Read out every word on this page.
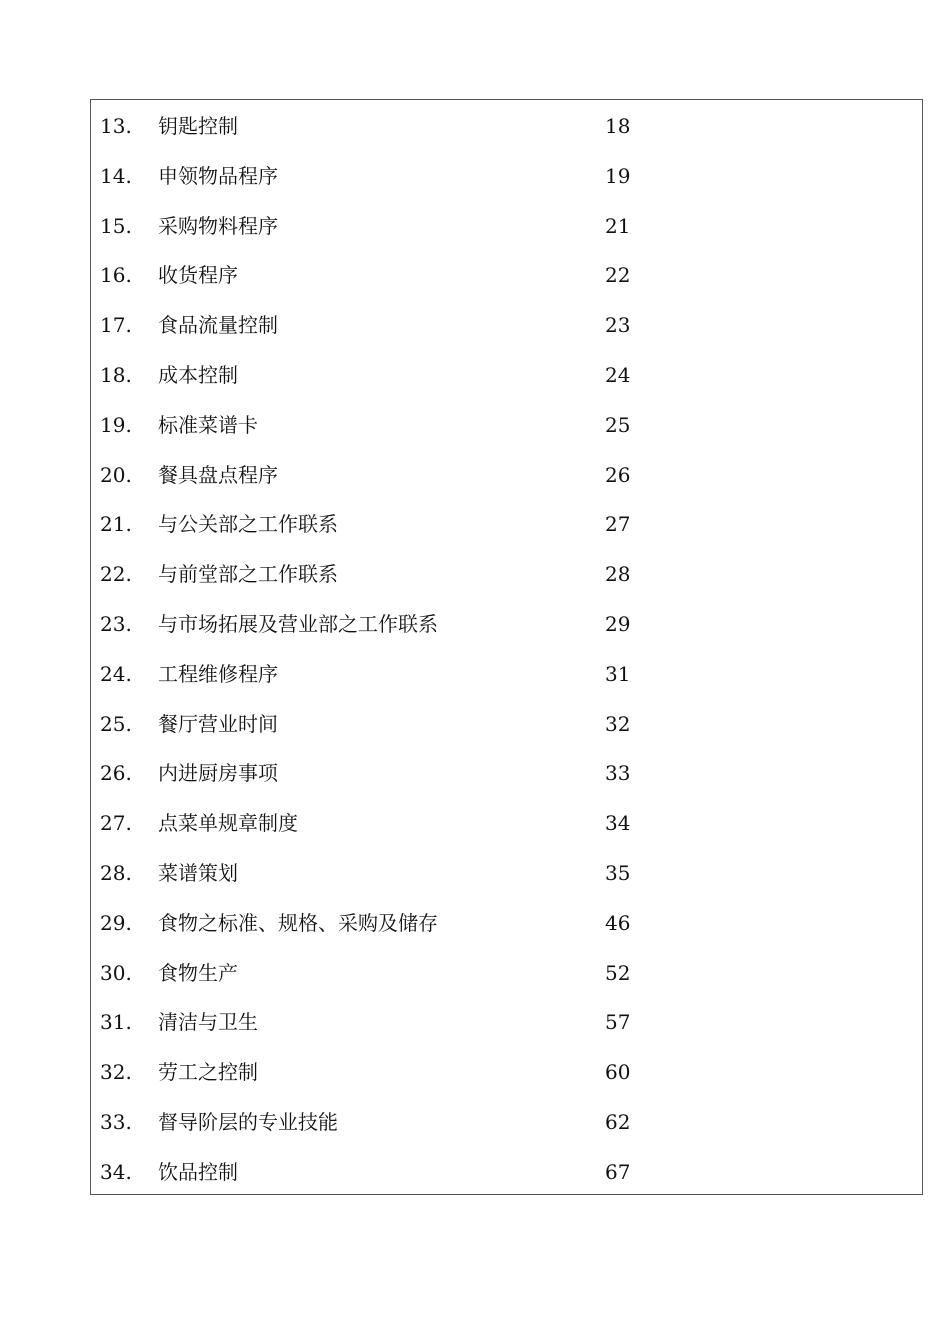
13. 钥匙控制	18
14. 申领物品程序	19
15. 采购物料程序	21
16. 收货程序	22
17. 食品流量控制	23
18. 成本控制	24
19. 标准菜谱卡	25
20. 餐具盘点程序	26
21. 与公关部之工作联系	27
22. 与前堂部之工作联系	28
23. 与市场拓展及营业部之工作联系	29
24. 工程维修程序	31
25. 餐厅营业时间	32
26. 内进厨房事项	33
27. 点菜单规章制度	34
28. 菜谱策划	35
29. 食物之标准、规格、采购及储存	46
30. 食物生产	52
31. 清洁与卫生	57
32. 劳工之控制	60
33. 督导阶层的专业技能	62
34. 饮品控制	67
